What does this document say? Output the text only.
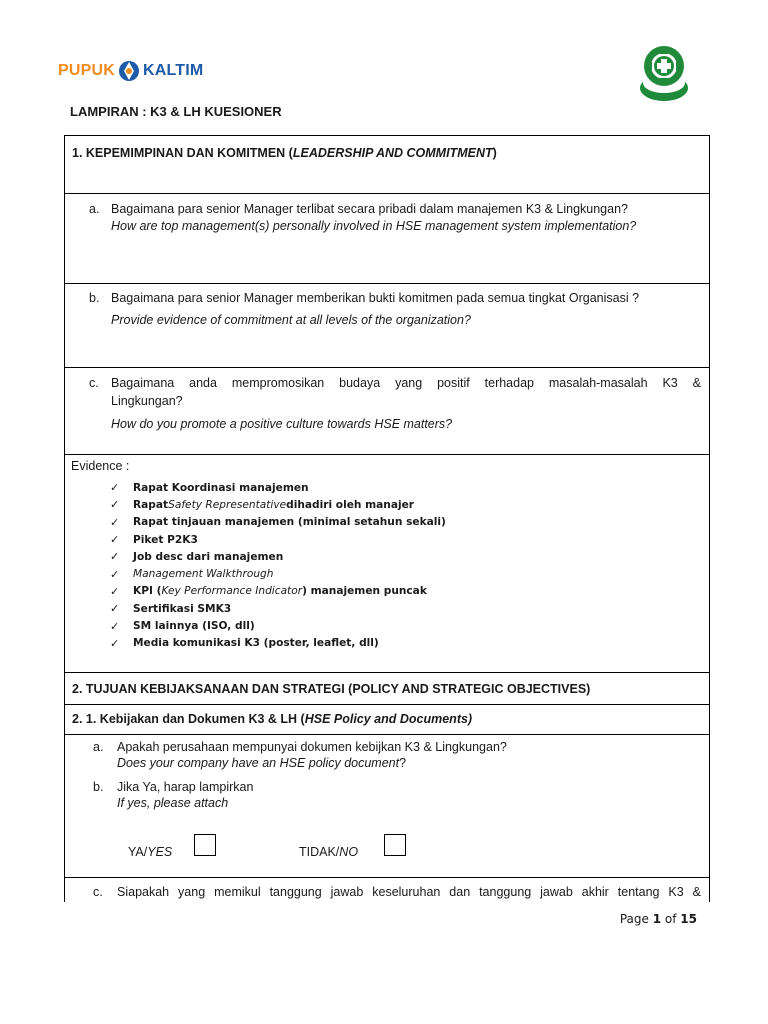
PUPUK KALTIM
LAMPIRAN : K3 & LH KUESIONER
1. KEPEMIMPINAN DAN KOMITMEN (LEADERSHIP AND COMMITMENT)
a. Bagaimana para senior Manager terlibat secara pribadi dalam manajemen K3 & Lingkungan?
How are top management(s) personally involved in HSE management system implementation?
b. Bagaimana para senior Manager memberikan bukti komitmen pada semua tingkat Organisasi ?
Provide evidence of commitment at all levels of the organization?
c. Bagaimana anda mempromosikan budaya yang positif terhadap masalah-masalah K3 &
Lingkungan?
How do you promote a positive culture towards HSE matters?
Evidence :
✓	Rapat Koordinasi manajemen
✓	Rapat Safety Representative dihadiri oleh manajer
✓	Rapat tinjauan manajemen (minimal setahun sekali)
✓	Piket P2K3
✓	Job desc dari manajemen
✓	Management Walkthrough
✓	KPI ( Key Performance Indicator ) manajemen puncak
✓	Sertifikasi SMK3
✓	SM lainnya (ISO, dll)
✓	Media komunikasi K3 (poster, leaflet, dll)
2. TUJUAN KEBIJAKSANAAN DAN STRATEGI (POLICY AND STRATEGIC OBJECTIVES)
2. 1. Kebijakan dan Dokumen K3 & LH (HSE Policy and Documents)
a. Apakah perusahaan mempunyai dokumen kebijkan K3 & Lingkungan?
Does your company have an HSE policy document?
b. Jika Ya, harap lampirkan
If yes, please attach
YA/YES	TIDAK/NO
c. Siapakah yang memikul tanggung jawab keseluruhan dan tanggung jawab akhir tentang K3 &
Page 1 of 15
